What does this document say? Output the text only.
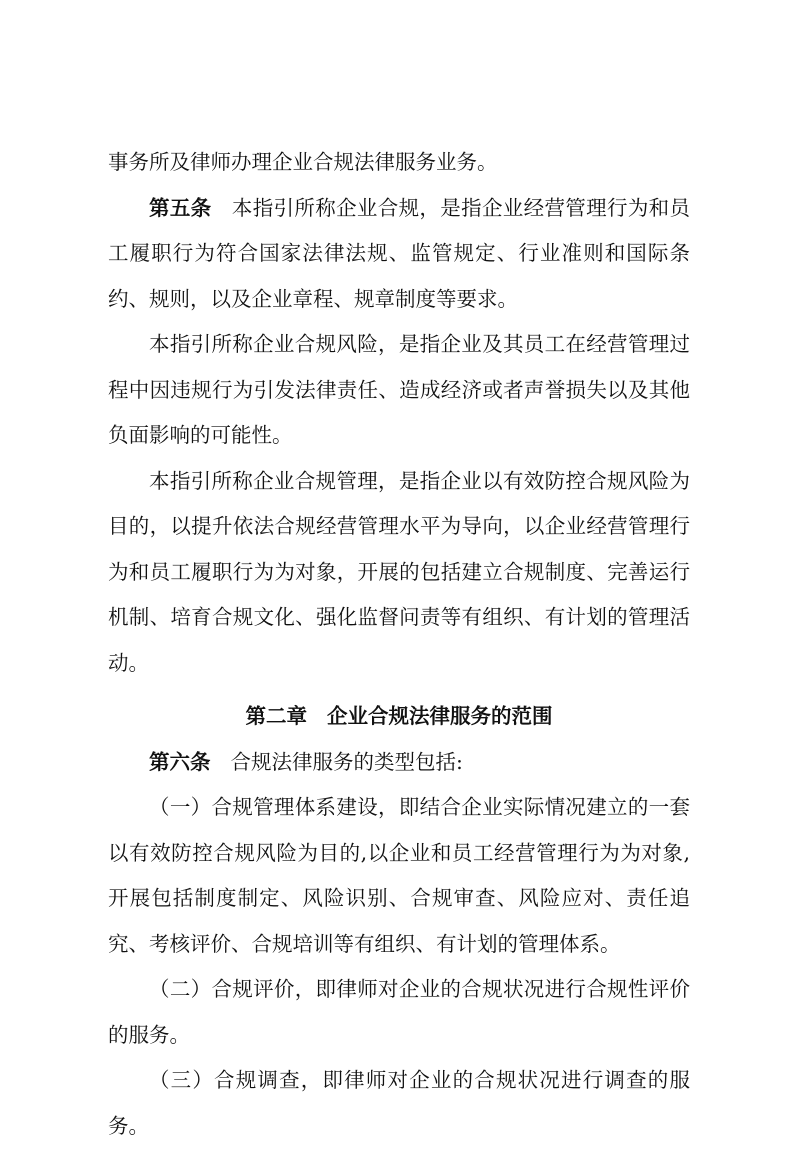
事务所及律师办理企业合规法律服务业务。

第五条 本指引所称企业合规，是指企业经营管理行为和员工履职行为符合国家法律法规、监管规定、行业准则和国际条约、规则，以及企业章程、规章制度等要求。

本指引所称企业合规风险，是指企业及其员工在经营管理过程中因违规行为引发法律责任、造成经济或者声誉损失以及其他负面影响的可能性。

本指引所称企业合规管理，是指企业以有效防控合规风险为目的，以提升依法合规经营管理水平为导向，以企业经营管理行为和员工履职行为为对象，开展的包括建立合规制度、完善运行机制、培育合规文化、强化监督问责等有组织、有计划的管理活动。

第二章 企业合规法律服务的范围

第六条 合规法律服务的类型包括:

（一）合规管理体系建设，即结合企业实际情况建立的一套以有效防控合规风险为目的,以企业和员工经营管理行为为对象,开展包括制度制定、风险识别、合规审查、风险应对、责任追究、考核评价、合规培训等有组织、有计划的管理体系。

（二）合规评价，即律师对企业的合规状况进行合规性评价的服务。

（三）合规调查，即律师对企业的合规状况进行调查的服务。
